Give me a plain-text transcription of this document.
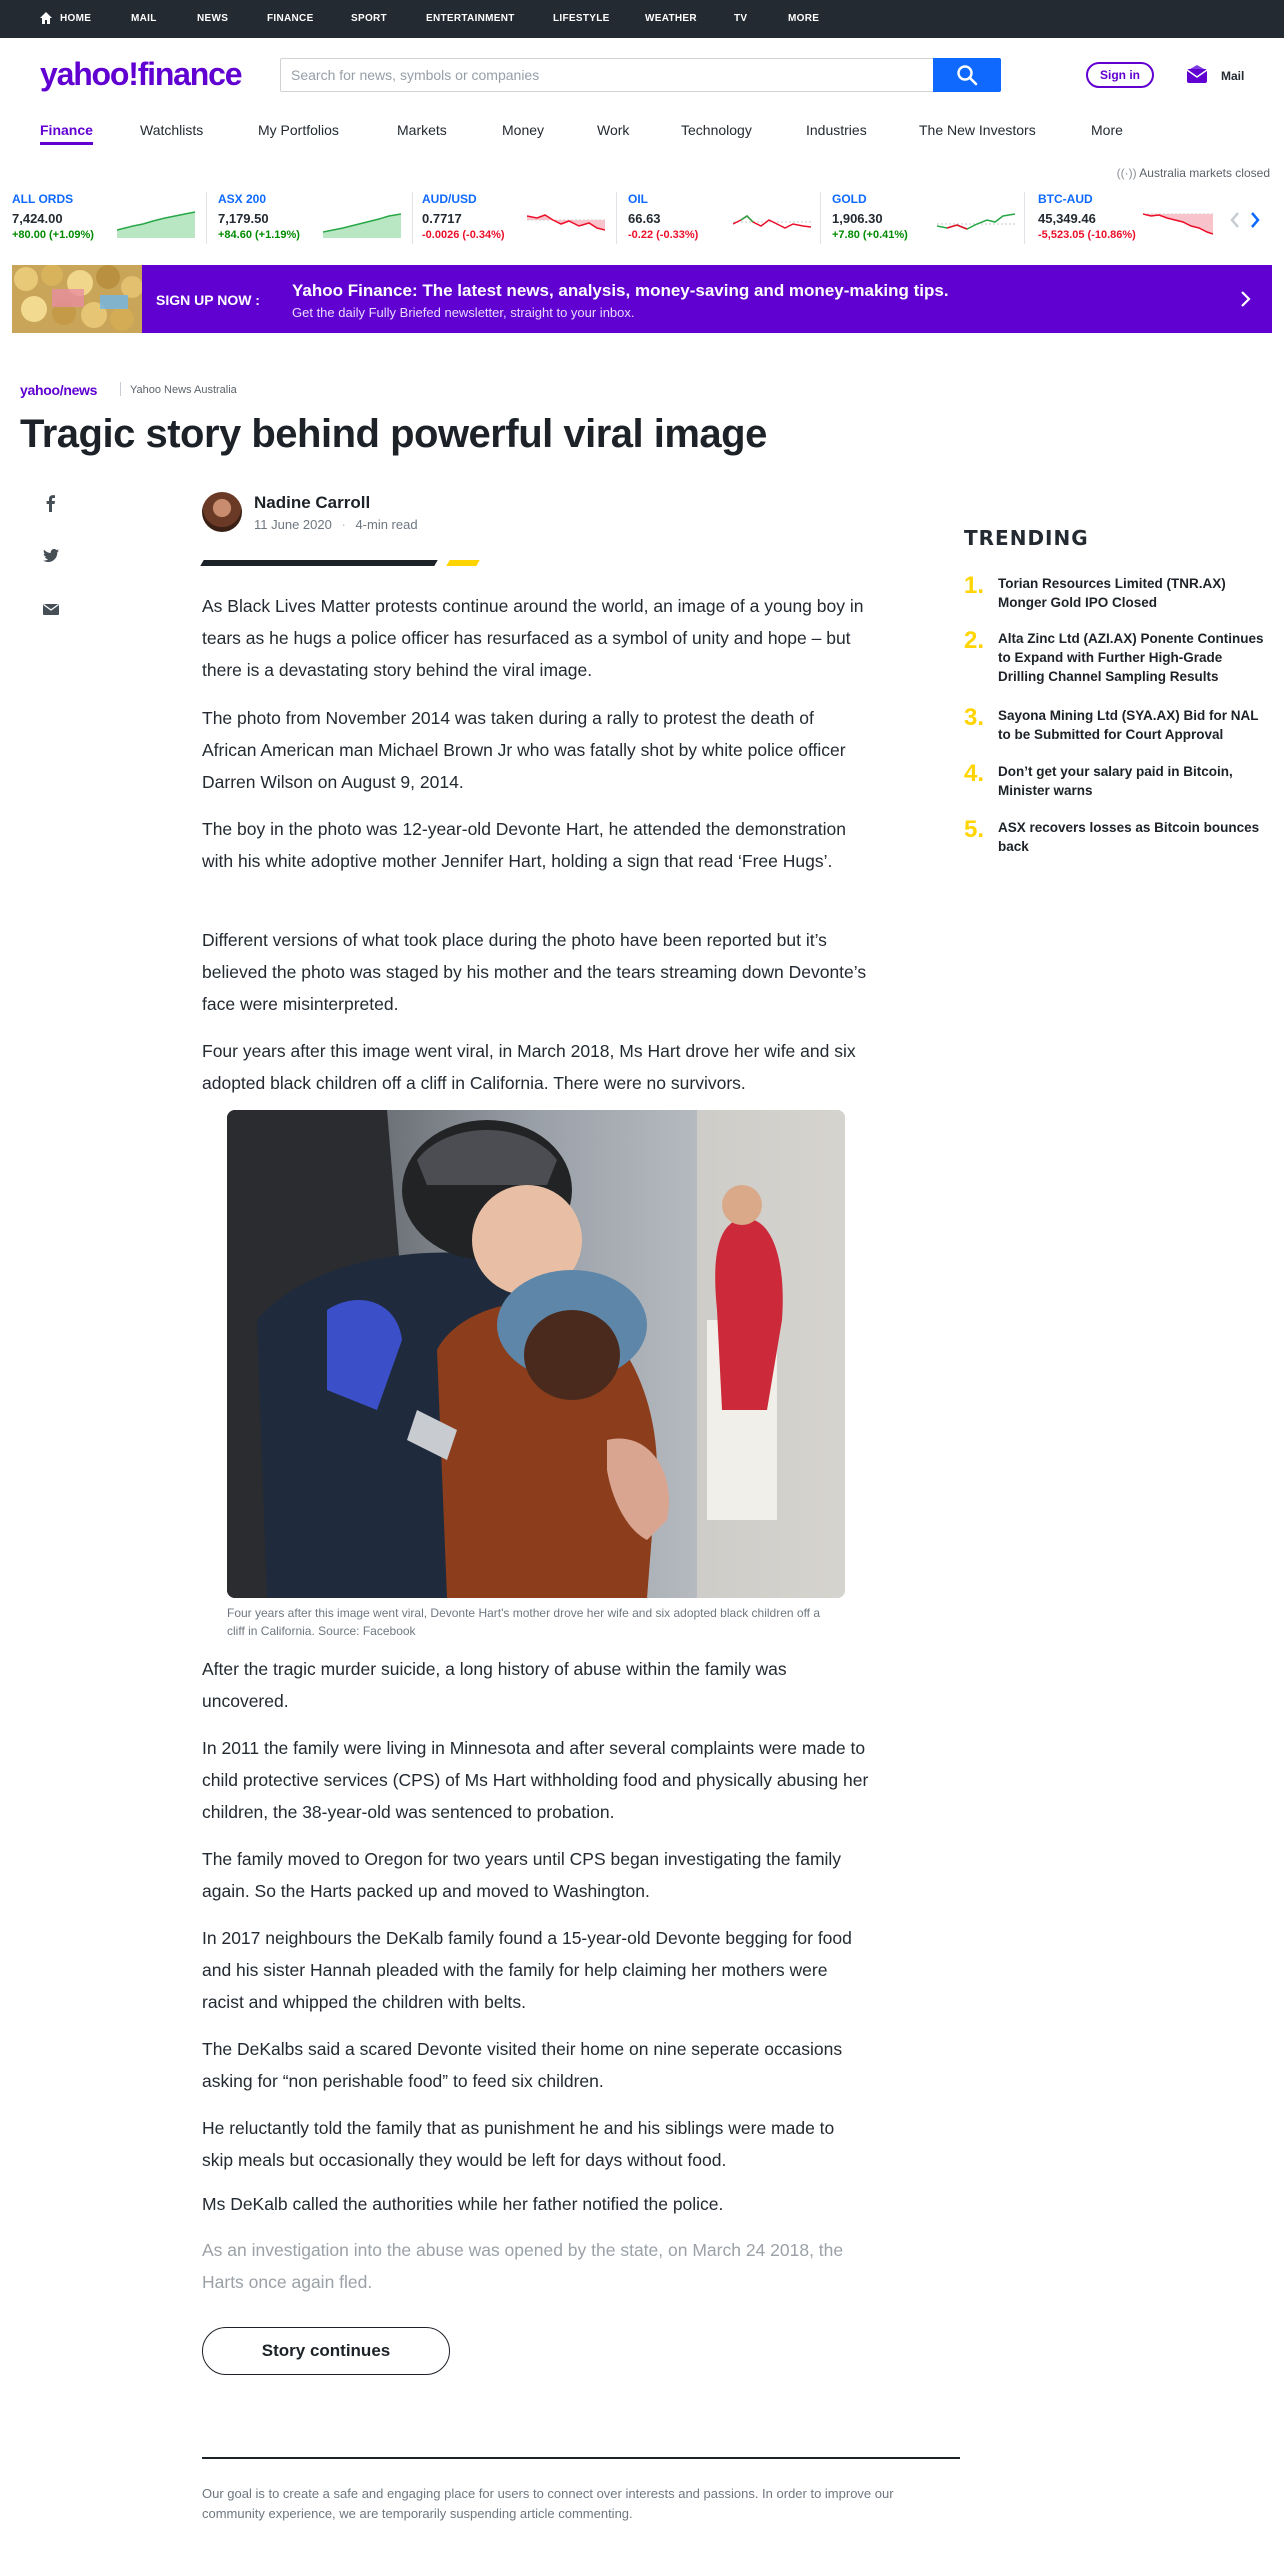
HOME	MAIL	NEWS	FINANCE	SPORT	ENTERTAINMENT	LIFESTYLE	WEATHER	TV	MORE
yahoo!finance
Search for news, symbols or companies	Sign in	Mail
Finance	Watchlists	My Portfolios	Markets	Money	Work	Technology	Industries	The New Investors	More
((·)) Australia markets closed
ALL ORDS
7,424.00
+80.00 (+1.09%)
ASX 200
7,179.50
+84.60 (+1.19%)
AUD/USD
0.7717
-0.0026 (-0.34%)
OIL
66.63
-0.22 (-0.33%)
GOLD
1,906.30
+7.80 (+0.41%)
BTC-AUD
45,349.46
-5,523.05 (-10.86%)
SIGN UP NOW : Yahoo Finance: The latest news, analysis, money-saving and money-making tips.
Get the daily Fully Briefed newsletter, straight to your inbox.
yahoo/news	Yahoo News Australia
Tragic story behind powerful viral image
Nadine Carroll
11 June 2020 · 4-min read

As Black Lives Matter protests continue around the world, an image of a young boy in tears as he hugs a police officer has resurfaced as a symbol of unity and hope – but there is a devastating story behind the viral image.

The photo from November 2014 was taken during a rally to protest the death of African American man Michael Brown Jr who was fatally shot by white police officer Darren Wilson on August 9, 2014.

The boy in the photo was 12-year-old Devonte Hart, he attended the demonstration with his white adoptive mother Jennifer Hart, holding a sign that read ‘Free Hugs’.

Different versions of what took place during the photo have been reported but it’s believed the photo was staged by his mother and the tears streaming down Devonte’s face were misinterpreted.

Four years after this image went viral, in March 2018, Ms Hart drove her wife and six adopted black children off a cliff in California. There were no survivors.

Four years after this image went viral, Devonte Hart's mother drove her wife and six adopted black children off a cliff in California. Source: Facebook

After the tragic murder suicide, a long history of abuse within the family was uncovered.

In 2011 the family were living in Minnesota and after several complaints were made to child protective services (CPS) of Ms Hart withholding food and physically abusing her children, the 38-year-old was sentenced to probation.

The family moved to Oregon for two years until CPS began investigating the family again. So the Harts packed up and moved to Washington.

In 2017 neighbours the DeKalb family found a 15-year-old Devonte begging for food and his sister Hannah pleaded with the family for help claiming her mothers were racist and whipped the children with belts.

The DeKalbs said a scared Devonte visited their home on nine seperate occasions asking for “non perishable food” to feed six children.

He reluctantly told the family that as punishment he and his siblings were made to skip meals but occasionally they would be left for days without food.

Ms DeKalb called the authorities while her father notified the police.

As an investigation into the abuse was opened by the state, on March 24 2018, the Harts once again fled.

Story continues

Our goal is to create a safe and engaging place for users to connect over interests and passions. In order to improve our community experience, we are temporarily suspending article commenting.

TRENDING
1. Torian Resources Limited (TNR.AX) Monger Gold IPO Closed
2. Alta Zinc Ltd (AZI.AX) Ponente Continues to Expand with Further High-Grade Drilling Channel Sampling Results
3. Sayona Mining Ltd (SYA.AX) Bid for NAL to be Submitted for Court Approval
4. Don’t get your salary paid in Bitcoin, Minister warns
5. ASX recovers losses as Bitcoin bounces back
